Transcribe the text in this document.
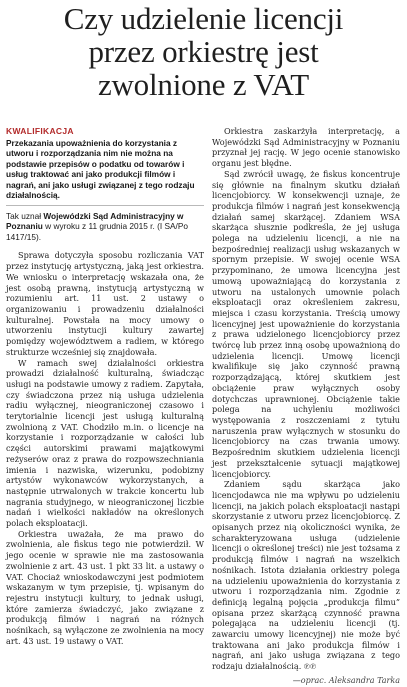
Czy udzielenie licencji
przez orkiestrę jest
zwolnione z VAT
KWALIFIKACJA
Przekazania upoważnienia do korzystania z utworu i rozporządzania nim nie można na podstawie przepisów o podatku od towarów i usług traktować ani jako produkcji filmów i nagrań, ani jako usługi związanej z tego rodzaju działalnością.
Tak uznał Wojewódzki Sąd Administracyjny w Poznaniu w wyroku z 11 grudnia 2015 r. (I SA/Po 1417/15).

Sprawa dotyczyła sposobu rozliczania VAT przez instytucję artystyczną, jaką jest orkiestra. We wniosku o interpretację wskazała ona, że jest osobą prawną, instytucją artystyczną w rozumieniu art. 11 ust. 2 ustawy o organizowaniu i prowadzeniu działalności kulturalnej. Powstała na mocy umowy o utworzeniu instytucji kultury zawartej pomiędzy województwem a radiem, w którego strukturze wcześniej się znajdowała.

W ramach swej działalności orkiestra prowadzi działalność kulturalną, świadcząc usługi na podstawie umowy z radiem. Zapytała, czy świadczona przez nią usługa udzielenia radiu wyłącznej, nieograniczonej czasowo i terytorialnie licencji jest usługą kulturalną zwolnioną z VAT. Chodziło m.in. o licencje na korzystanie i rozporządzanie w całości lub części autorskimi prawami majątkowymi reżyserów oraz z prawa do rozpowszechniania imienia i nazwiska, wizerunku, podobizny artystów wykonawców wykorzystanych, a następnie utrwalonych w trakcie koncertu lub nagrania studyjnego, w nieograniczonej liczbie nadań i wielkości nakładów na określonych polach eksploatacji.

Orkiestra uważała, że ma prawo do zwolnienia, ale fiskus tego nie potwierdził. W jego ocenie w sprawie nie ma zastosowania zwolnienie z art. 43 ust. 1 pkt 33 lit. a ustawy o VAT. Chociaż wnioskodawczyni jest podmiotem wskazanym w tym przepisie, tj. wpisanym do rejestru instytucji kultury, to jednak usługi, które zamierza świadczyć, jako związane z produkcją filmów i nagrań na różnych nośnikach, są wyłączone ze zwolnienia na mocy art. 43 ust. 19 ustawy o VAT.

Orkiestra zaskarżyła interpretację, a Wojewódzki Sąd Administracyjny w Poznaniu przyznał jej rację. W jego ocenie stanowisko organu jest błędne.

Sąd zwrócił uwagę, że fiskus koncentruje się głównie na finalnym skutku działań licencjobiorcy. W konsekwencji uznaje, że produkcja filmów i nagrań jest konsekwencją działań samej skarżącej. Zdaniem WSA skarżąca słusznie podkreśla, że jej usługa polega na udzieleniu licencji, a nie na bezpośredniej realizacji usług wskazanych w spornym przepisie. W swojej ocenie WSA przypominano, że umowa licencyjna jest umową upoważniającą do korzystania z utworu na ustalonych umownie polach eksploatacji oraz określeniem zakresu, miejsca i czasu korzystania. Treścią umowy licencyjnej jest upoważnienie do korzystania z prawa udzielonego licencjobiorcy przez twórcę lub przez inną osobę upoważnioną do udzielenia licencji. Umowę licencji kwalifikuje się jako czynność prawną rozporządzającą, której skutkiem jest obciążenie praw wyłącznych osoby dotychczas uprawnionej. Obciążenie takie polega na uchyleniu możliwości występowania z roszczeniami z tytułu naruszenia praw wyłącznych w stosunku do licencjobiorcy na czas trwania umowy. Bezpośrednim skutkiem udzielenia licencji jest przekształcenie sytuacji majątkowej licencjobiorcy.

Zdaniem sądu skarżąca jako licencjodawca nie ma wpływu po udzieleniu licencji, na jakich polach eksploatacji nastąpi skorzystanie z utworu przez licencjobiorcę. Z opisanych przez nią okoliczności wynika, że scharakteryzowana usługa (udzielenie licencji o określonej treści) nie jest tożsama z produkcją filmów i nagrań na wszelkich nośnikach. Istota działania orkiestry polega na udzieleniu upoważnienia do korzystania z utworu i rozporządzania nim. Zgodnie z definicją legalną pojęcia „produkcja filmu” opisana przez skarżącą czynność prawna polegająca na udzieleniu licencji (tj. zawarciu umowy licencyjnej) nie może być traktowana ani jako produkcja filmów i nagrań, ani jako usługa związana z tego rodzaju działalnością. ℗℗

—oprac. Aleksandra Tarka
